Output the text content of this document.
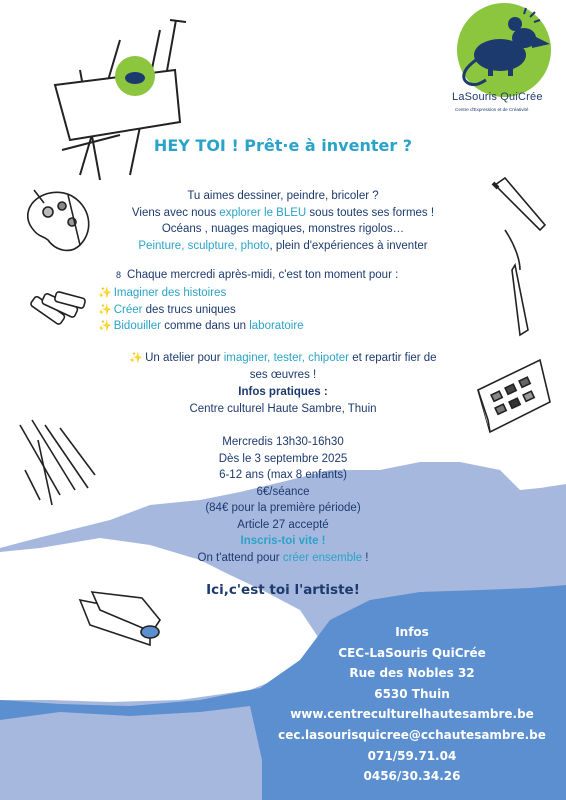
LaSouris QuiCrée
Centre d'Expression et de Créativité
HEY TOI ! Prêt·e à inventer ?
Tu aimes dessiner, peindre, bricoler ?
Viens avec nous explorer le BLEU sous toutes ses formes !
Océans , nuages magiques, monstres rigolos…
Peinture, sculpture, photo, plein d'expériences à inventer
8 Chaque mercredi après-midi, c'est ton moment pour :
✨ Imaginer des histoires
✨ Créer des trucs uniques
✨ Bidouiller comme dans un laboratoire
✨ Un atelier pour imaginer, tester, chipoter et repartir fier de
ses œuvres !
Infos pratiques :
Centre culturel Haute Sambre, Thuin
Mercredis 13h30-16h30
Dès le 3 septembre 2025
6-12 ans (max 8 enfants)
6€/séance
(84€ pour la première période)
Article 27 accepté
Inscris-toi vite !
On t'attend pour créer ensemble !
Ici,c'est toi l'artiste!
Infos
CEC-LaSouris QuiCrée
Rue des Nobles 32
6530 Thuin
www.centreculturelhautesambre.be
cec.lasourisquicree@cchautesambre.be
071/59.71.04
0456/30.34.26
